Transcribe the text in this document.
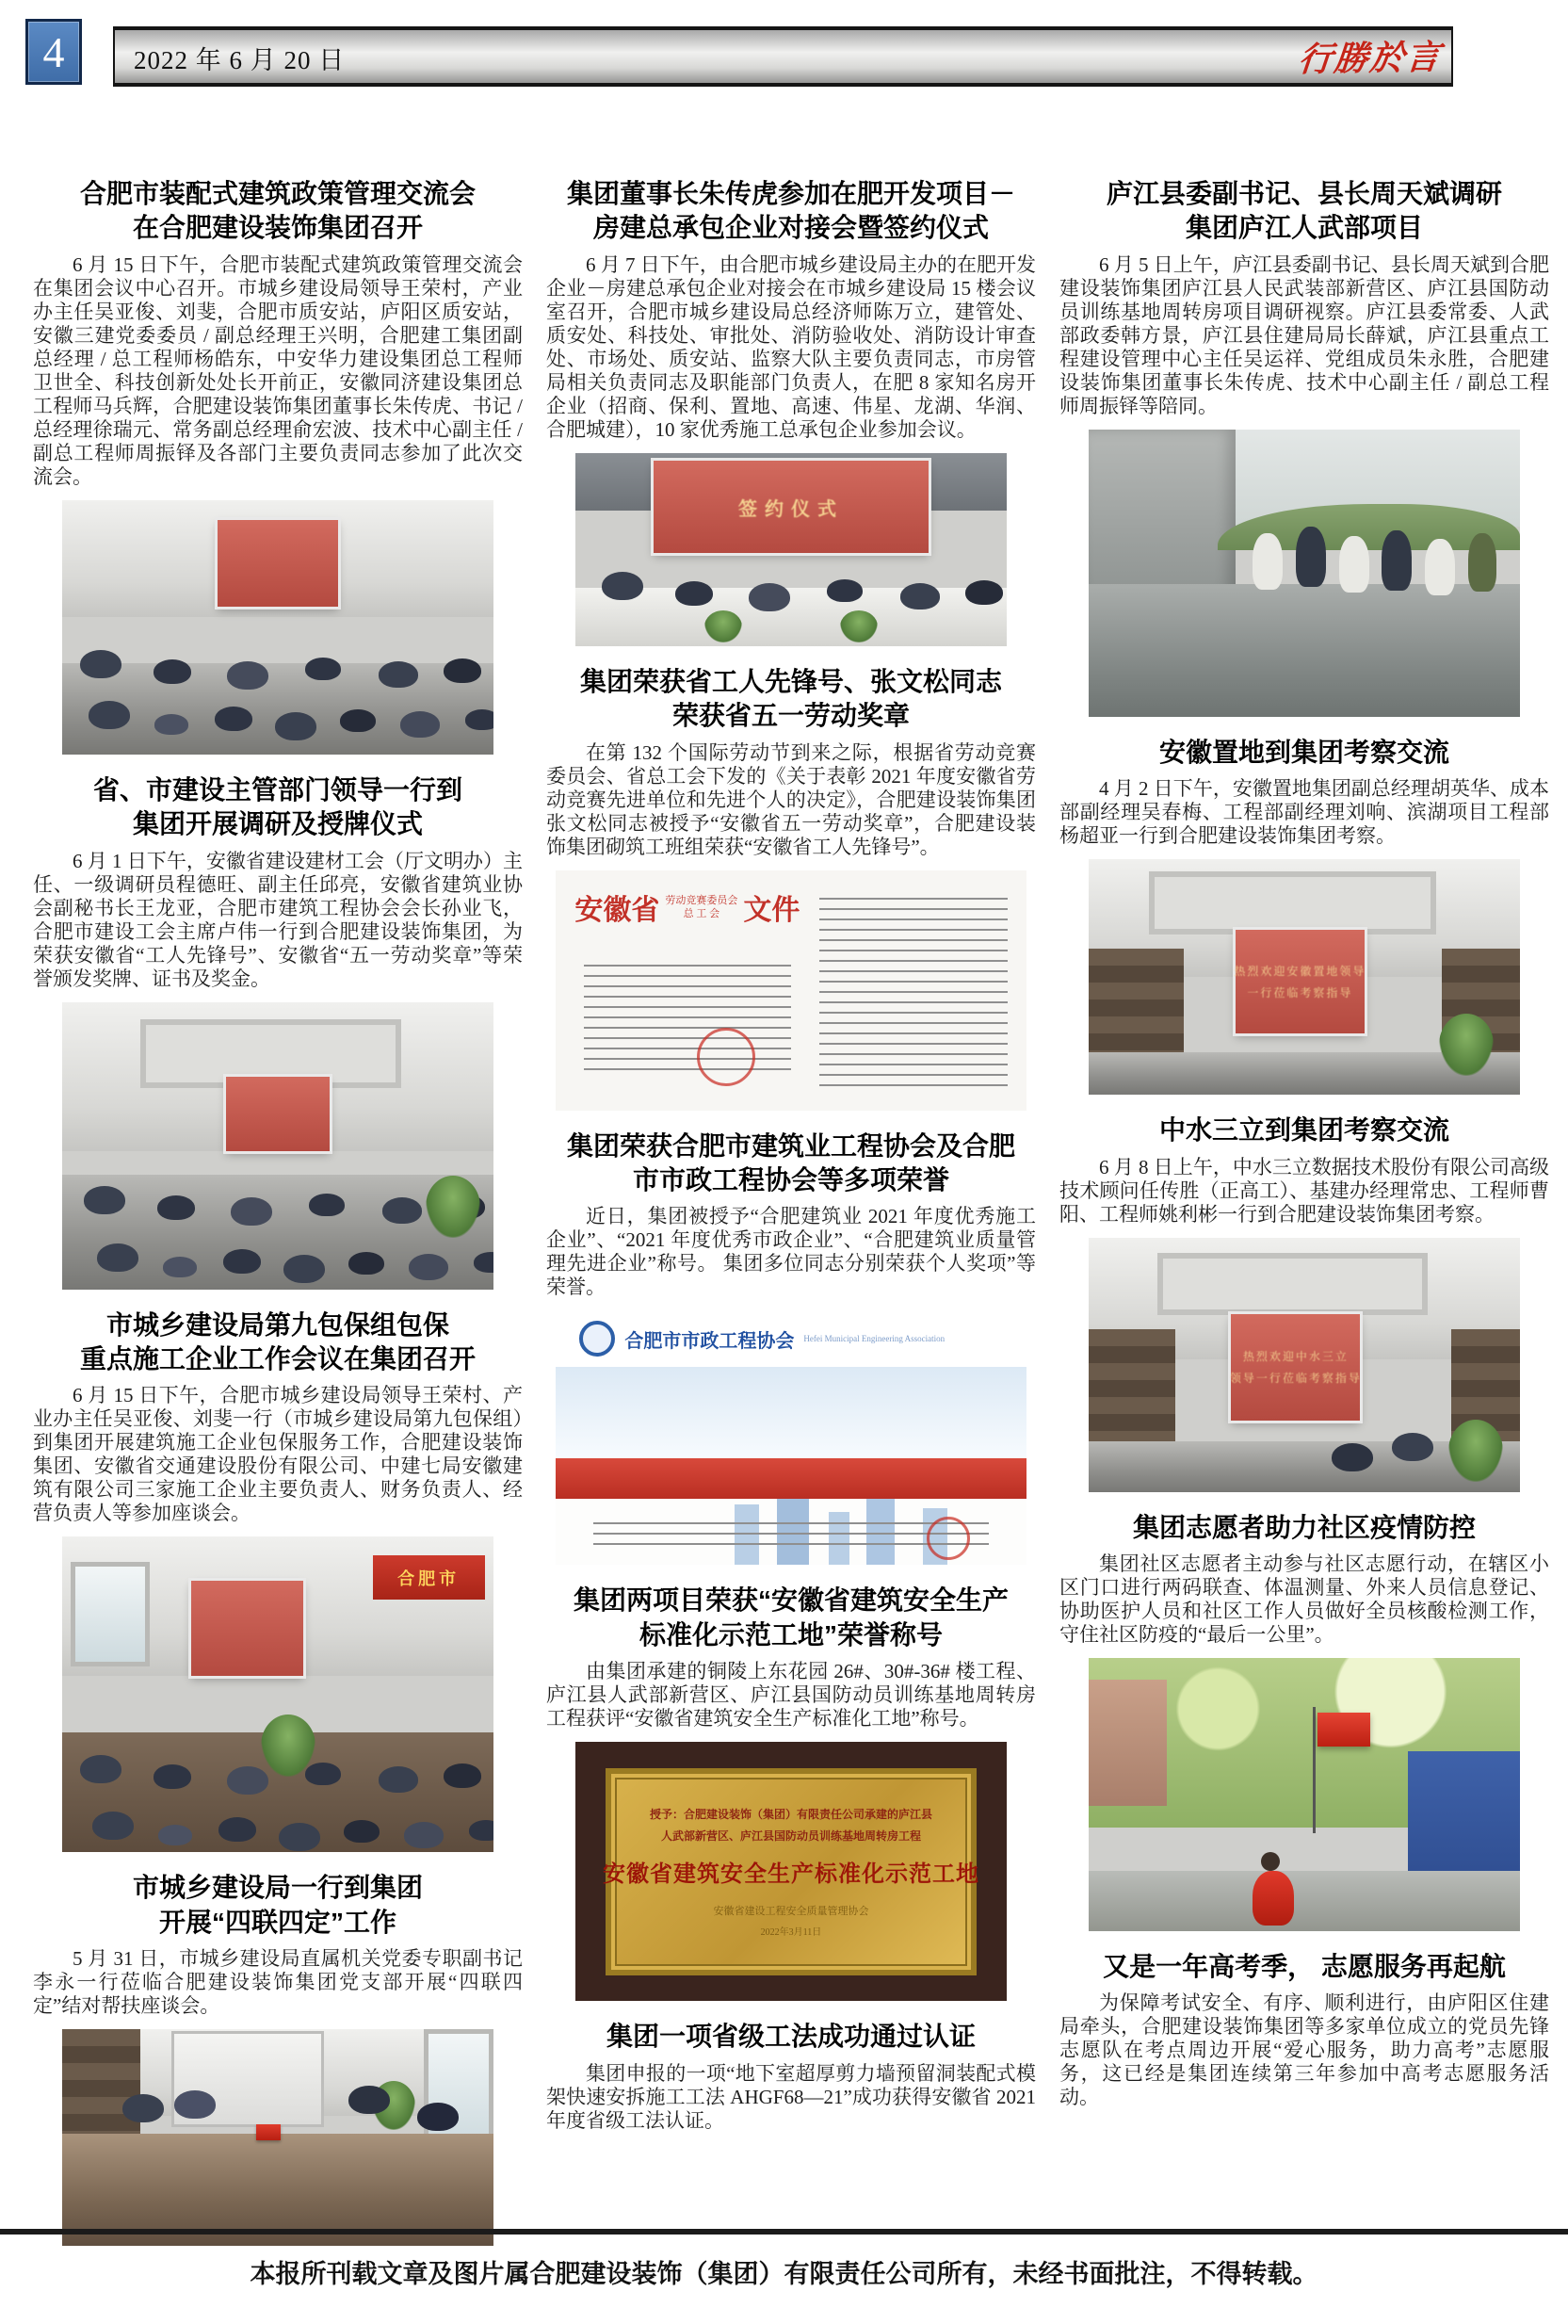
4	2022 年 6 月 20 日	行勝於言
合肥市装配式建筑政策管理交流会
在合肥建设装饰集团召开

6 月 15 日下午，合肥市装配式建筑政策管理交流会在集团会议中心召开。市城乡建设局领导王荣村，产业办主任吴亚俊、刘斐，合肥市质安站，庐阳区质安站，安徽三建党委委员 / 副总经理王兴明，合肥建工集团副总经理 / 总工程师杨皓东，中安华力建设集团总工程师卫世全、科技创新处处长开前正，安徽同济建设集团总工程师马兵辉，合肥建设装饰集团董事长朱传虎、书记 / 总经理徐瑞元、常务副总经理俞宏波、技术中心副主任 / 副总工程师周振铎及各部门主要负责同志参加了此次交流会。

省、市建设主管部门领导一行到
集团开展调研及授牌仪式

6 月 1 日下午，安徽省建设建材工会（厅文明办）主任、一级调研员程德旺、副主任邱亮，安徽省建筑业协会副秘书长王龙亚，合肥市建筑工程协会会长孙业飞，合肥市建设工会主席卢伟一行到合肥建设装饰集团，为荣获安徽省“工人先锋号”、安徽省“五一劳动奖章”等荣誉颁发奖牌、证书及奖金。

市城乡建设局第九包保组包保
重点施工企业工作会议在集团召开

6 月 15 日下午，合肥市城乡建设局领导王荣村、产业办主任吴亚俊、刘斐一行（市城乡建设局第九包保组）到集团开展建筑施工企业包保服务工作，合肥建设装饰集团、安徽省交通建设股份有限公司、中建七局安徽建筑有限公司三家施工企业主要负责人、财务负责人、经营负责人等参加座谈会。

合肥市
市城乡建设局一行到集团
开展“四联四定”工作

5 月 31 日，市城乡建设局直属机关党委专职副书记李永一行莅临合肥建设装饰集团党支部开展“四联四定”结对帮扶座谈会。

集团董事长朱传虎参加在肥开发项目－
房建总承包企业对接会暨签约仪式

6 月 7 日下午，由合肥市城乡建设局主办的在肥开发企业－房建总承包企业对接会在市城乡建设局 15 楼会议室召开，合肥市城乡建设局总经济师陈万立，建管处、质安处、科技处、审批处、消防验收处、消防设计审查处、市场处、质安站、监察大队主要负责同志，市房管局相关负责同志及职能部门负责人，在肥 8 家知名房开企业（招商、保利、置地、高速、伟星、龙湖、华润、合肥城建），10 家优秀施工总承包企业参加会议。

签约仪式
集团荣获省工人先锋号、张文松同志
荣获省五一劳动奖章

在第 132 个国际劳动节到来之际，根据省劳动竞赛委员会、省总工会下发的《关于表彰 2021 年度安徽省劳动竞赛先进单位和先进个人的决定》，合肥建设装饰集团张文松同志被授予“安徽省五一劳动奖章”，合肥建设装饰集团砌筑工班组荣获“安徽省工人先锋号”。

安徽省 劳动竞赛委员会
总 工 会 文件
集团荣获合肥市建筑业工程协会及合肥
市市政工程协会等多项荣誉

近日，集团被授予“合肥建筑业 2021 年度优秀施工企业”、“2021 年度优秀市政企业”、“合肥建筑业质量管理先进企业”称号。 集团多位同志分别荣获个人奖项”等荣誉。

合肥市市政工程协会 Hefei Municipal Engineering Association
集团两项目荣获“安徽省建筑安全生产
标准化示范工地”荣誉称号

由集团承建的铜陵上东花园 26#、30#-36# 楼工程、庐江县人武部新营区、庐江县国防动员训练基地周转房工程获评“安徽省建筑安全生产标准化工地”称号。

授予：合肥建设装饰（集团）有限责任公司承建的庐江县
人武部新营区、庐江县国防动员训练基地周转房工程
安徽省建筑安全生产标准化示范工地
安徽省建设工程安全质量管理协会
2022年3月11日
集团一项省级工法成功通过认证

集团申报的一项“地下室超厚剪力墙预留洞装配式模架快速安拆施工工法 AHGF68—21”成功获得安徽省 2021 年度省级工法认证。

庐江县委副书记、县长周天斌调研
集团庐江人武部项目

6 月 5 日上午，庐江县委副书记、县长周天斌到合肥建设装饰集团庐江县人民武装部新营区、庐江县国防动员训练基地周转房项目调研视察。庐江县委常委、人武部政委韩方景，庐江县住建局局长薛斌，庐江县重点工程建设管理中心主任吴运祥、党组成员朱永胜，合肥建设装饰集团董事长朱传虎、技术中心副主任 / 副总工程师周振铎等陪同。

安徽置地到集团考察交流

4 月 2 日下午，安徽置地集团副总经理胡英华、成本部副经理吴春梅、工程部副经理刘响、滨湖项目工程部杨超亚一行到合肥建设装饰集团考察。

热烈欢迎安徽置地领导
一行莅临考察指导
中水三立到集团考察交流

6 月 8 日上午，中水三立数据技术股份有限公司高级技术顾问任传胜（正高工）、基建办经理常忠、工程师曹阳、工程师姚利彬一行到合肥建设装饰集团考察。

热烈欢迎中水三立
领导一行莅临考察指导
集团志愿者助力社区疫情防控

集团社区志愿者主动参与社区志愿行动，在辖区小区门口进行两码联查、体温测量、外来人员信息登记、协助医护人员和社区工作人员做好全员核酸检测工作，守住社区防疫的“最后一公里”。

又是一年高考季， 志愿服务再起航

为保障考试安全、有序、顺利进行，由庐阳区住建局牵头，合肥建设装饰集团等多家单位成立的党员先锋志愿队在考点周边开展“爱心服务，助力高考”志愿服务，这已经是集团连续第三年参加中高考志愿服务活动。

本报所刊载文章及图片属合肥建设装饰（集团）有限责任公司所有，未经书面批注，不得转载。
